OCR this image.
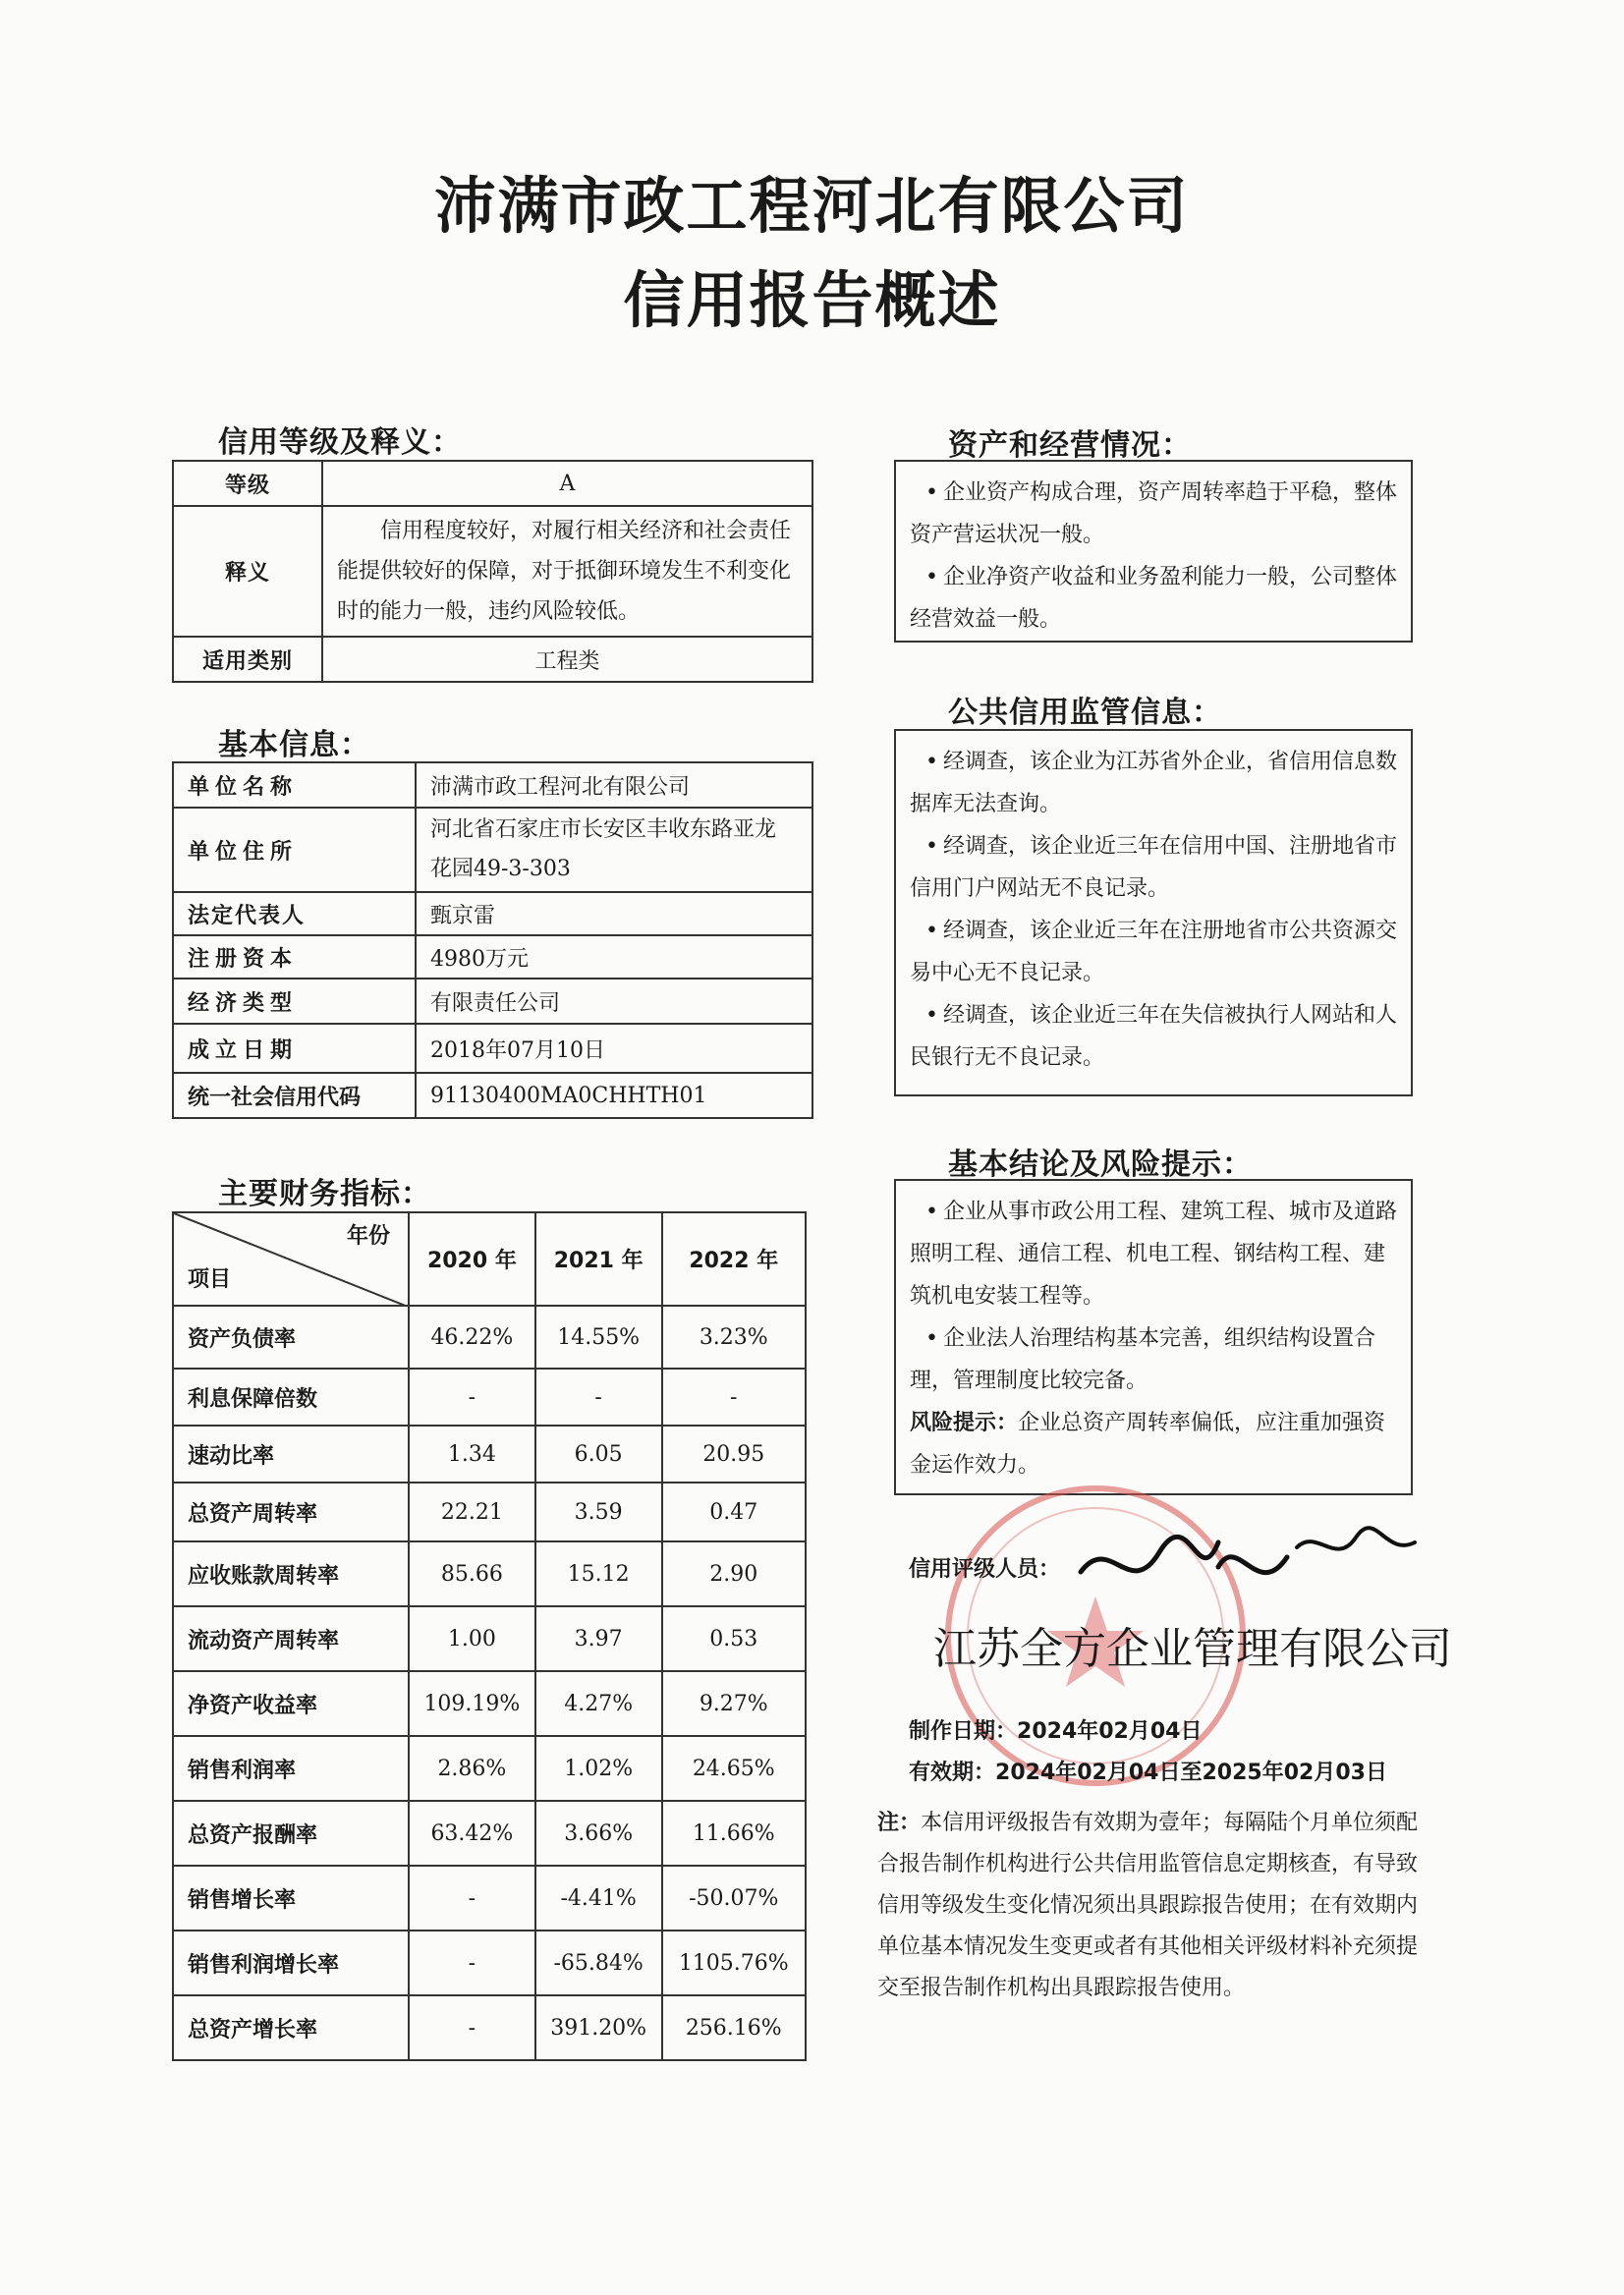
沛满市政工程河北有限公司
信用报告概述
信用等级及释义：
等级	A
释义	信用程度较好，对履行相关经济和社会责任能提供较好的保障，对于抵御环境发生不利变化时的能力一般，违约风险较低。
适用类别	工程类
基本信息：
单位名称	沛满市政工程河北有限公司
单位住所	河北省石家庄市长安区丰收东路亚龙花园49-3-303
法定代表人	甄京雷
注册资本	4980万元
经济类型	有限责任公司
成立日期	2018年07月10日
统一社会信用代码	91130400MA0CHHTH01
主要财务指标：
年份
项目	2020 年	2021 年	2022 年
资产负债率	46.22%	14.55%	3.23%
利息保障倍数	-	-	-
速动比率	1.34	6.05	20.95
总资产周转率	22.21	3.59	0.47
应收账款周转率	85.66	15.12	2.90
流动资产周转率	1.00	3.97	0.53
净资产收益率	109.19%	4.27%	9.27%
销售利润率	2.86%	1.02%	24.65%
总资产报酬率	63.42%	3.66%	11.66%
销售增长率	-	-4.41%	-50.07%
销售利润增长率	-	-65.84%	1105.76%
总资产增长率	-	391.20%	256.16%
资产和经营情况：

• 企业资产构成合理，资产周转率趋于平稳，整体资产营运状况一般。

• 企业净资产收益和业务盈利能力一般，公司整体经营效益一般。

公共信用监管信息：

• 经调查，该企业为江苏省外企业，省信用信息数据库无法查询。

• 经调查，该企业近三年在信用中国、注册地省市信用门户网站无不良记录。

• 经调查，该企业近三年在注册地省市公共资源交易中心无不良记录。

• 经调查，该企业近三年在失信被执行人网站和人民银行无不良记录。

基本结论及风险提示：

• 企业从事市政公用工程、建筑工程、城市及道路照明工程、通信工程、机电工程、钢结构工程、建筑机电安装工程等。

• 企业法人治理结构基本完善，组织结构设置合理，管理制度比较完备。

风险提示：企业总资产周转率偏低，应注重加强资金运作效力。

信用评级人员：
江苏全方企业管理有限公司
制作日期：2024年02月04日
有效期：2024年02月04日至2025年02月03日
注：本信用评级报告有效期为壹年；每隔陆个月单位须配合报告制作机构进行公共信用监管信息定期核查，有导致信用等级发生变化情况须出具跟踪报告使用；在有效期内单位基本情况发生变更或者有其他相关评级材料补充须提交至报告制作机构出具跟踪报告使用。
